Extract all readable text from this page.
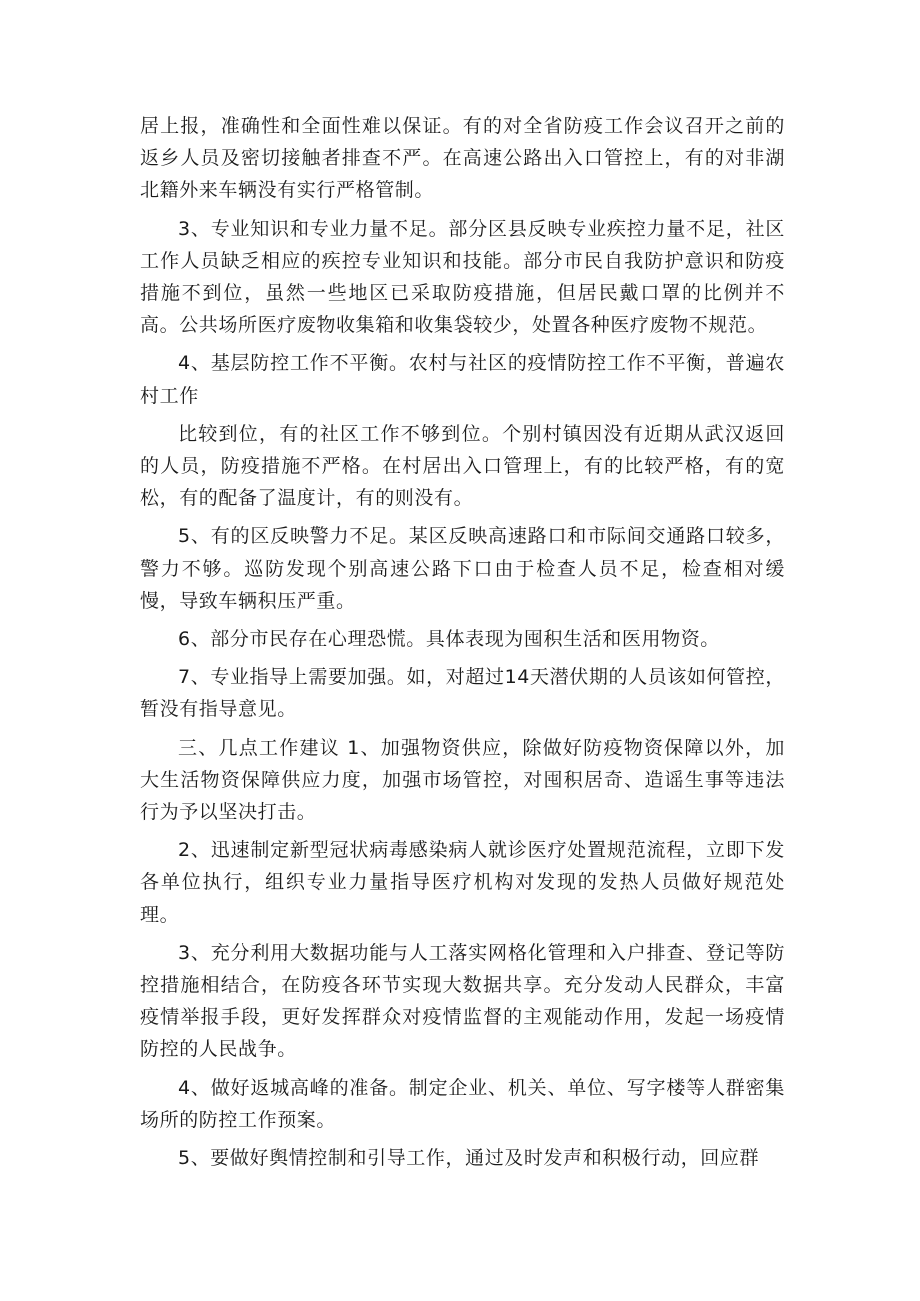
居上报，准确性和全面性难以保证。有的对全省防疫工作会议召开之前的返乡人员及密切接触者排查不严。在高速公路出入口管控上，有的对非湖北籍外来车辆没有实行严格管制。

3、专业知识和专业力量不足。部分区县反映专业疾控力量不足，社区工作人员缺乏相应的疾控专业知识和技能。部分市民自我防护意识和防疫措施不到位，虽然一些地区已采取防疫措施，但居民戴口罩的比例并不高。公共场所医疗废物收集箱和收集袋较少，处置各种医疗废物不规范。

4、基层防控工作不平衡。农村与社区的疫情防控工作不平衡，普遍农村工作

比较到位，有的社区工作不够到位。个别村镇因没有近期从武汉返回的人员，防疫措施不严格。在村居出入口管理上，有的比较严格，有的宽松，有的配备了温度计，有的则没有。

5、有的区反映警力不足。某区反映高速路口和市际间交通路口较多，警力不够。巡防发现个别高速公路下口由于检查人员不足，检查相对缓慢，导致车辆积压严重。

6、部分市民存在心理恐慌。具体表现为囤积生活和医用物资。

7、专业指导上需要加强。如，对超过14天潜伏期的人员该如何管控，暂没有指导意见。

三、几点工作建议 1、加强物资供应，除做好防疫物资保障以外，加大生活物资保障供应力度，加强市场管控，对囤积居奇、造谣生事等违法行为予以坚决打击。

2、迅速制定新型冠状病毒感染病人就诊医疗处置规范流程，立即下发各单位执行，组织专业力量指导医疗机构对发现的发热人员做好规范处理。

3、充分利用大数据功能与人工落实网格化管理和入户排查、登记等防控措施相结合，在防疫各环节实现大数据共享。充分发动人民群众，丰富疫情举报手段，更好发挥群众对疫情监督的主观能动作用，发起一场疫情防控的人民战争。

4、做好返城高峰的准备。制定企业、机关、单位、写字楼等人群密集场所的防控工作预案。

5、要做好舆情控制和引导工作，通过及时发声和积极行动，回应群
